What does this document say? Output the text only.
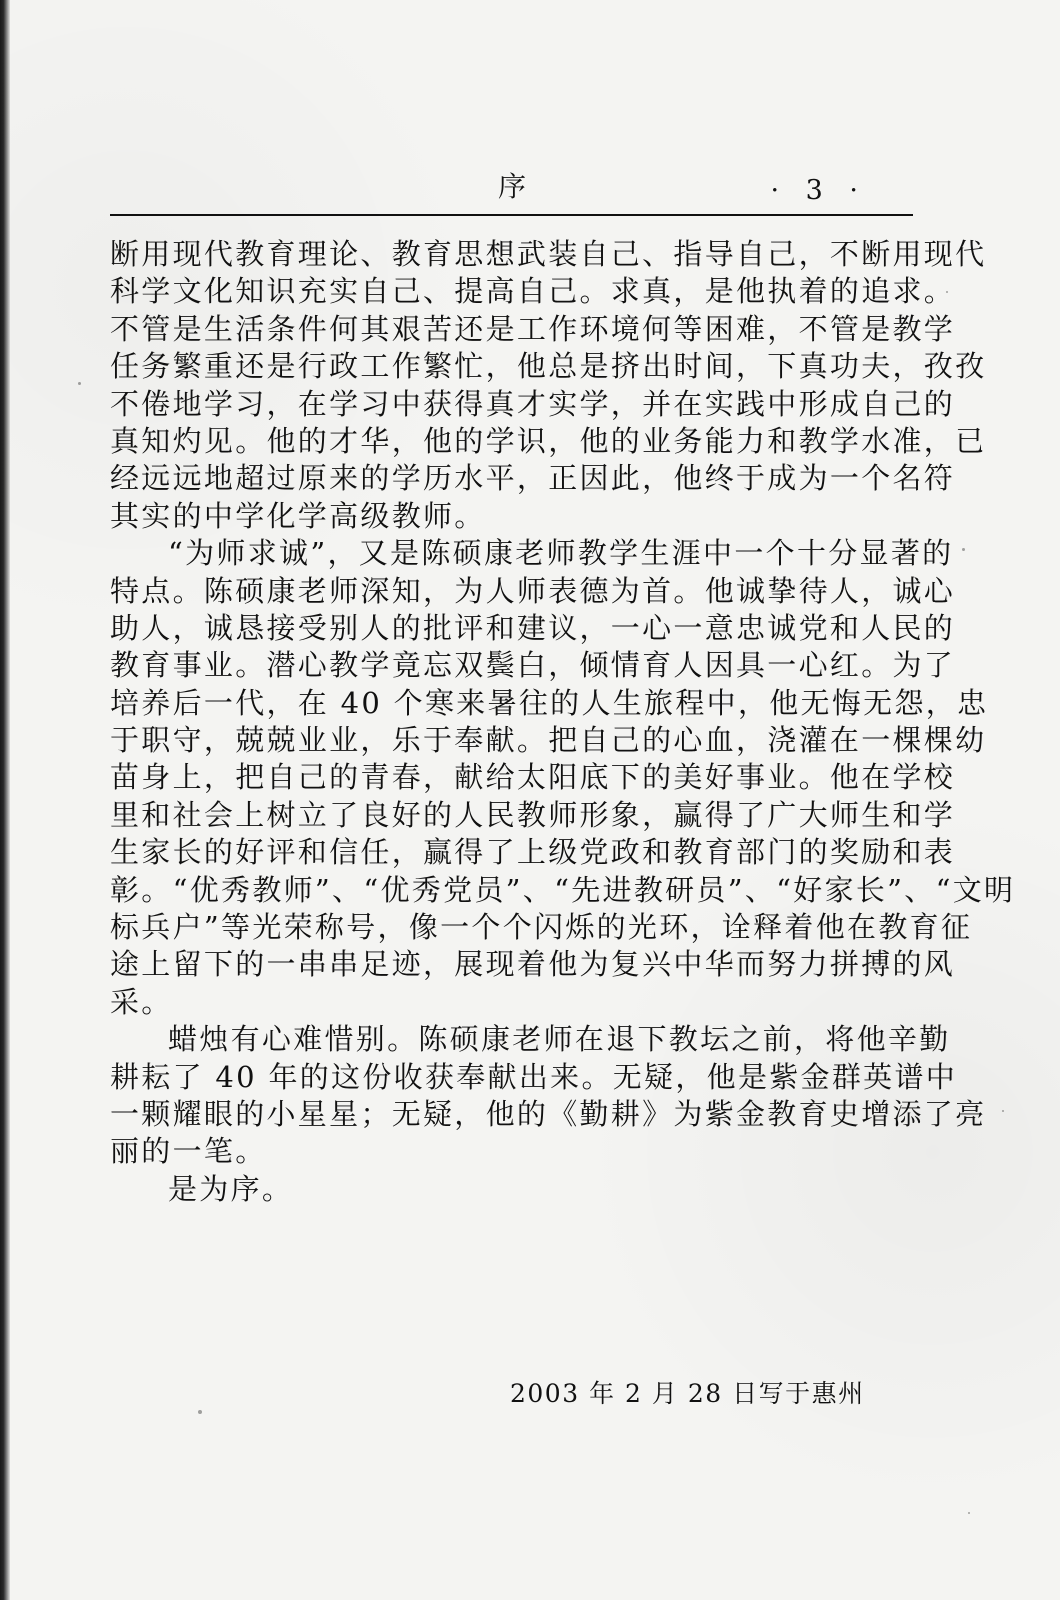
序	· 3 ·
断用现代教育理论、教育思想武装自己、指导自己，不断用现代
科学文化知识充实自己、提高自己。求真，是他执着的追求。
不管是生活条件何其艰苦还是工作环境何等困难，不管是教学
任务繁重还是行政工作繁忙，他总是挤出时间，下真功夫，孜孜
不倦地学习，在学习中获得真才实学，并在实践中形成自己的
真知灼见。他的才华，他的学识，他的业务能力和教学水准，已
经远远地超过原来的学历水平，正因此，他终于成为一个名符
其实的中学化学高级教师。
“为师求诚”，又是陈硕康老师教学生涯中一个十分显著的
特点。陈硕康老师深知，为人师表德为首。他诚挚待人，诚心
助人，诚恳接受别人的批评和建议，一心一意忠诚党和人民的
教育事业。潜心教学竟忘双鬓白，倾情育人因具一心红。为了
培养后一代，在 40 个寒来暑往的人生旅程中，他无悔无怨，忠
于职守，兢兢业业，乐于奉献。把自己的心血，浇灌在一棵棵幼
苗身上，把自己的青春，献给太阳底下的美好事业。他在学校
里和社会上树立了良好的人民教师形象，赢得了广大师生和学
生家长的好评和信任，赢得了上级党政和教育部门的奖励和表
彰。“优秀教师”、“优秀党员”、“先进教研员”、“好家长”、“文明
标兵户”等光荣称号，像一个个闪烁的光环，诠释着他在教育征
途上留下的一串串足迹，展现着他为复兴中华而努力拼搏的风
采。
蜡烛有心难惜别。陈硕康老师在退下教坛之前，将他辛勤
耕耘了 40 年的这份收获奉献出来。无疑，他是紫金群英谱中
一颗耀眼的小星星；无疑，他的《勤耕》为紫金教育史增添了亮
丽的一笔。
是为序。
2003 年 2 月 28 日写于惠州
